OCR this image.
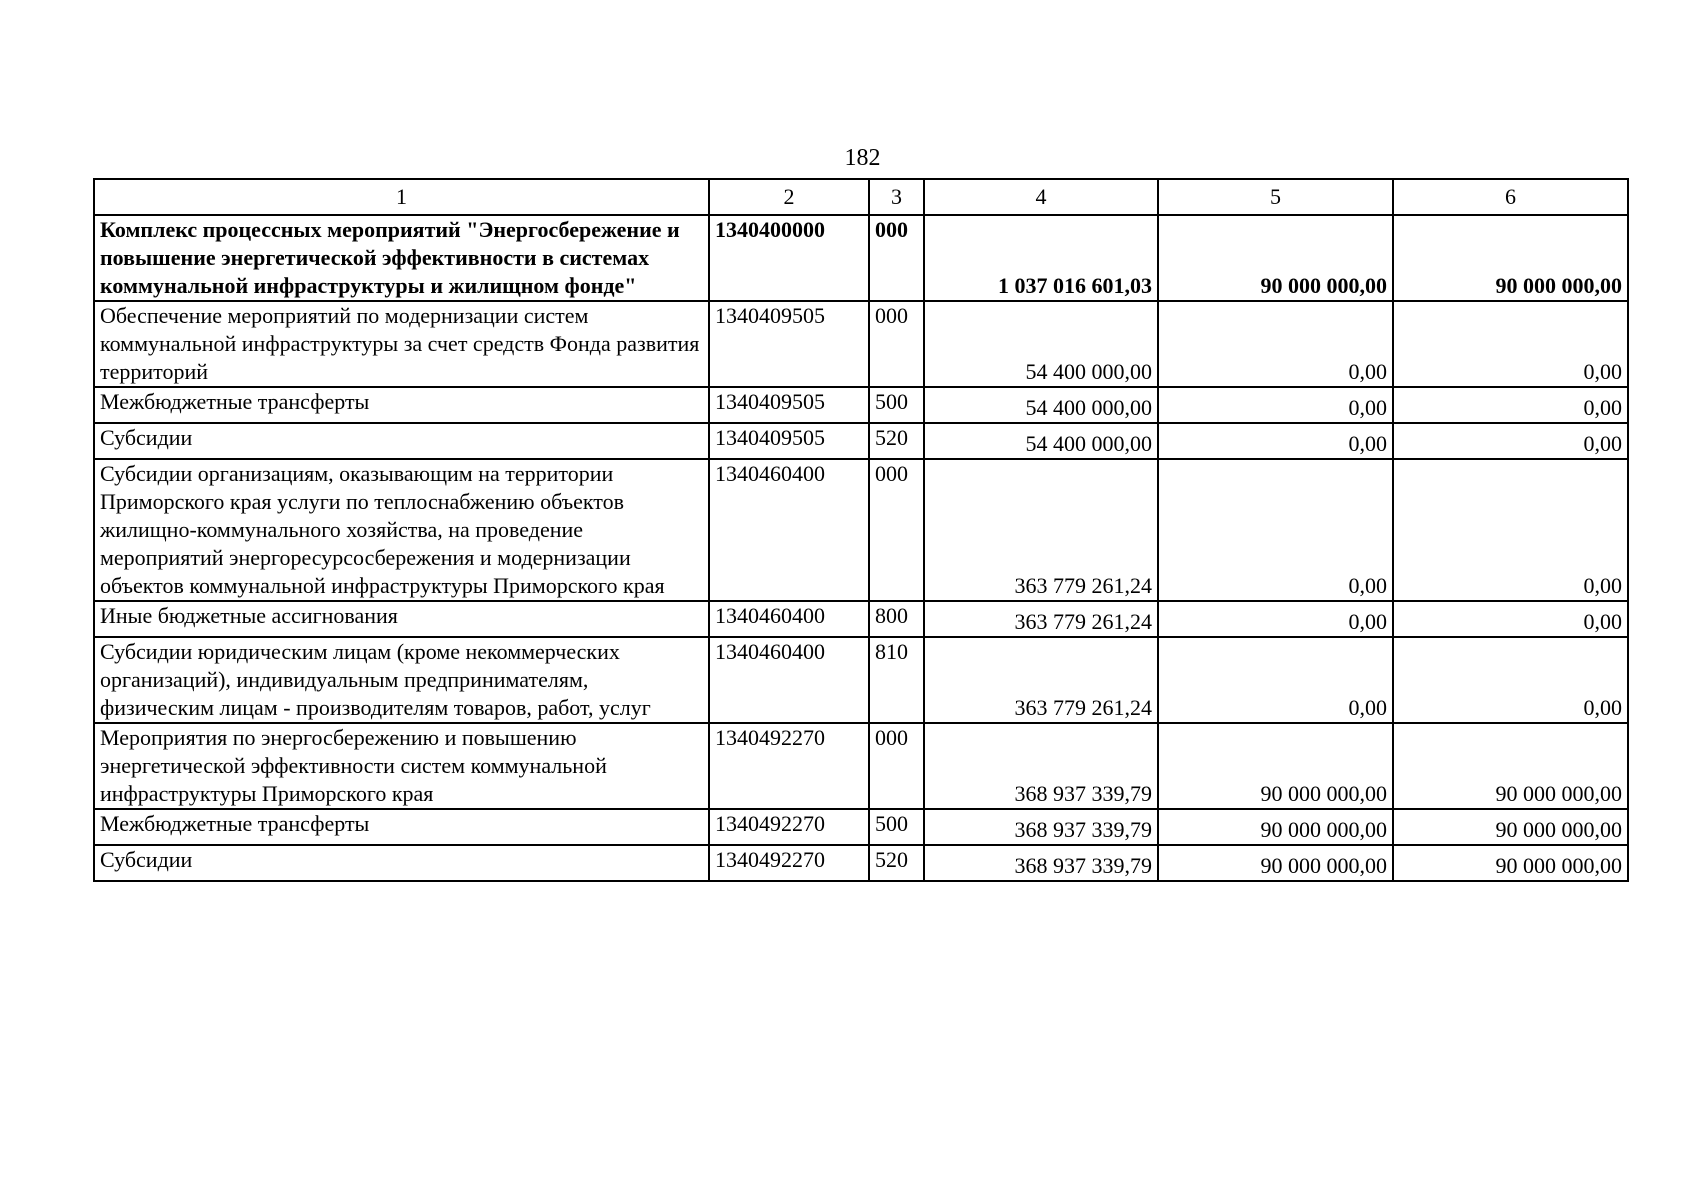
182
1	2	3	4	5	6
Комплекс процессных мероприятий "Энергосбережение и повышение энергетической эффективности в системах коммунальной инфраструктуры и жилищном фонде"	1340400000	000	1 037 016 601,03	90 000 000,00	90 000 000,00
Обеспечение мероприятий по модернизации систем коммунальной инфраструктуры за счет средств Фонда развития территорий	1340409505	000	54 400 000,00	0,00	0,00
Межбюджетные трансферты	1340409505	500	54 400 000,00	0,00	0,00
Субсидии	1340409505	520	54 400 000,00	0,00	0,00
Субсидии организациям, оказывающим на территории Приморского края услуги по теплоснабжению объектов жилищно-коммунального хозяйства, на проведение мероприятий энергоресурсосбережения и модернизации объектов коммунальной инфраструктуры Приморского края	1340460400	000	363 779 261,24	0,00	0,00
Иные бюджетные ассигнования	1340460400	800	363 779 261,24	0,00	0,00
Субсидии юридическим лицам (кроме некоммерческих организаций), индивидуальным предпринимателям, физическим лицам - производителям товаров, работ, услуг	1340460400	810	363 779 261,24	0,00	0,00
Мероприятия по энергосбережению и повышению энергетической эффективности систем коммунальной инфраструктуры Приморского края	1340492270	000	368 937 339,79	90 000 000,00	90 000 000,00
Межбюджетные трансферты	1340492270	500	368 937 339,79	90 000 000,00	90 000 000,00
Субсидии	1340492270	520	368 937 339,79	90 000 000,00	90 000 000,00
